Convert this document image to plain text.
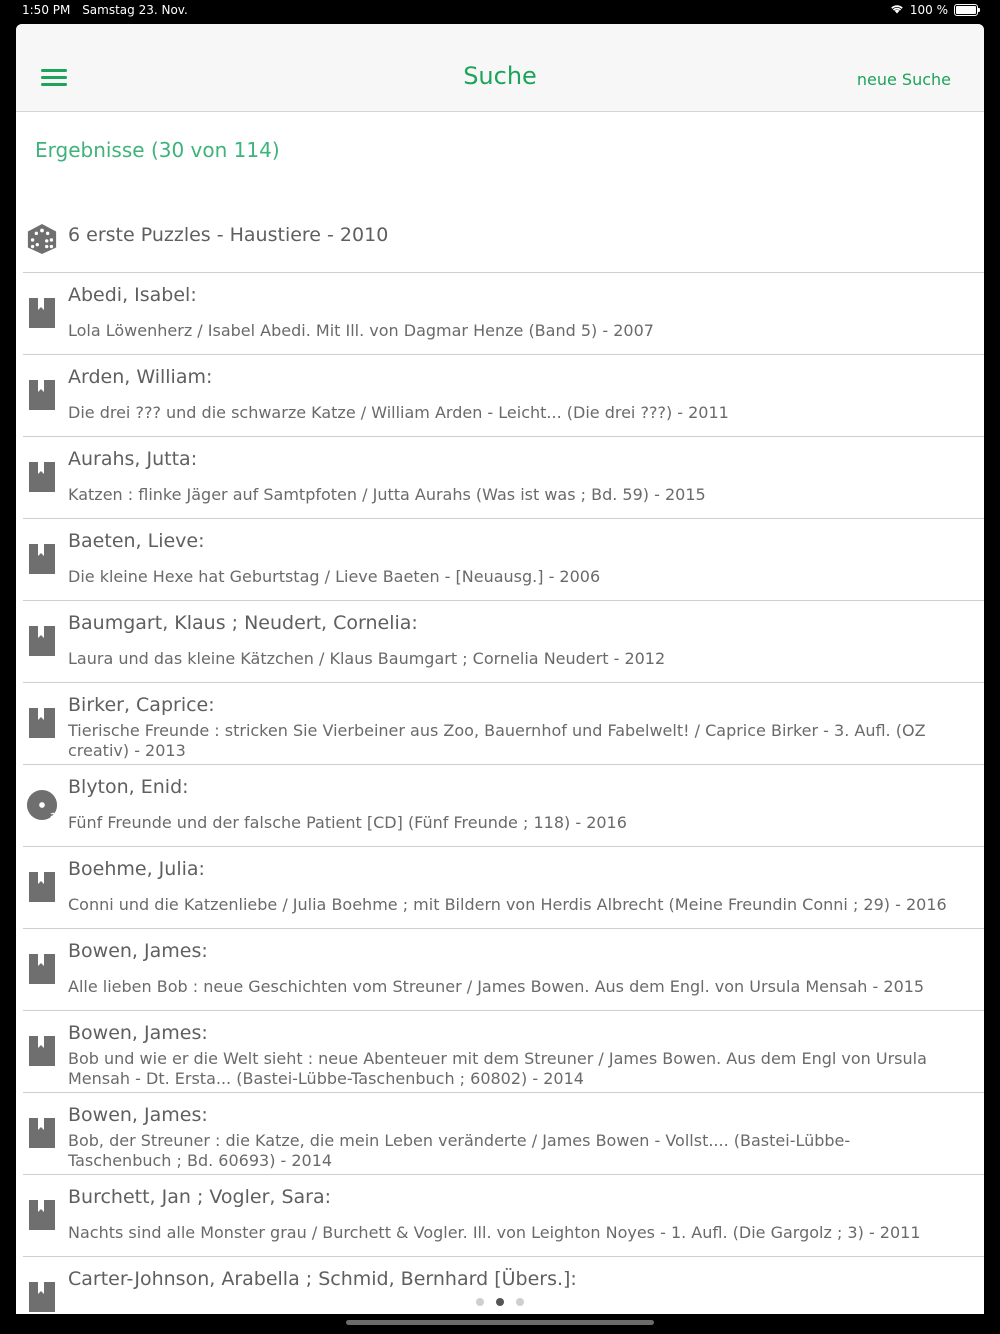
1:50 PM Samstag 23. Nov.	100 %
Suche	neue Suche
Ergebnisse (30 von 114)
6 erste Puzzles - Haustiere - 2010
Abedi, Isabel:
Lola Löwenherz / Isabel Abedi. Mit Ill. von Dagmar Henze (Band 5) - 2007
Arden, William:
Die drei ??? und die schwarze Katze / William Arden - Leicht... (Die drei ???) - 2011
Aurahs, Jutta:
Katzen : flinke Jäger auf Samtpfoten / Jutta Aurahs (Was ist was ; Bd. 59) - 2015
Baeten, Lieve:
Die kleine Hexe hat Geburtstag / Lieve Baeten - [Neuausg.] - 2006
Baumgart, Klaus ; Neudert, Cornelia:
Laura und das kleine Kätzchen / Klaus Baumgart ; Cornelia Neudert - 2012
Birker, Caprice:
Tierische Freunde : stricken Sie Vierbeiner aus Zoo, Bauernhof und Fabelwelt! / Caprice Birker - 3. Aufl. (OZ creativ) - 2013
Blyton, Enid:
Fünf Freunde und der falsche Patient [CD] (Fünf Freunde ; 118) - 2016
Boehme, Julia:
Conni und die Katzenliebe / Julia Boehme ; mit Bildern von Herdis Albrecht (Meine Freundin Conni ; 29) - 2016
Bowen, James:
Alle lieben Bob : neue Geschichten vom Streuner / James Bowen. Aus dem Engl. von Ursula Mensah - 2015
Bowen, James:
Bob und wie er die Welt sieht : neue Abenteuer mit dem Streuner / James Bowen. Aus dem Engl von Ursula Mensah - Dt. Ersta... (Bastei-Lübbe-Taschenbuch ; 60802) - 2014
Bowen, James:
Bob, der Streuner : die Katze, die mein Leben veränderte / James Bowen - Vollst.... (Bastei-Lübbe-Taschenbuch ; Bd. 60693) - 2014
Burchett, Jan ; Vogler, Sara:
Nachts sind alle Monster grau / Burchett & Vogler. Ill. von Leighton Noyes - 1. Aufl. (Die Gargolz ; 3) - 2011
Carter-Johnson, Arabella ; Schmid, Bernhard [Übers.]:
